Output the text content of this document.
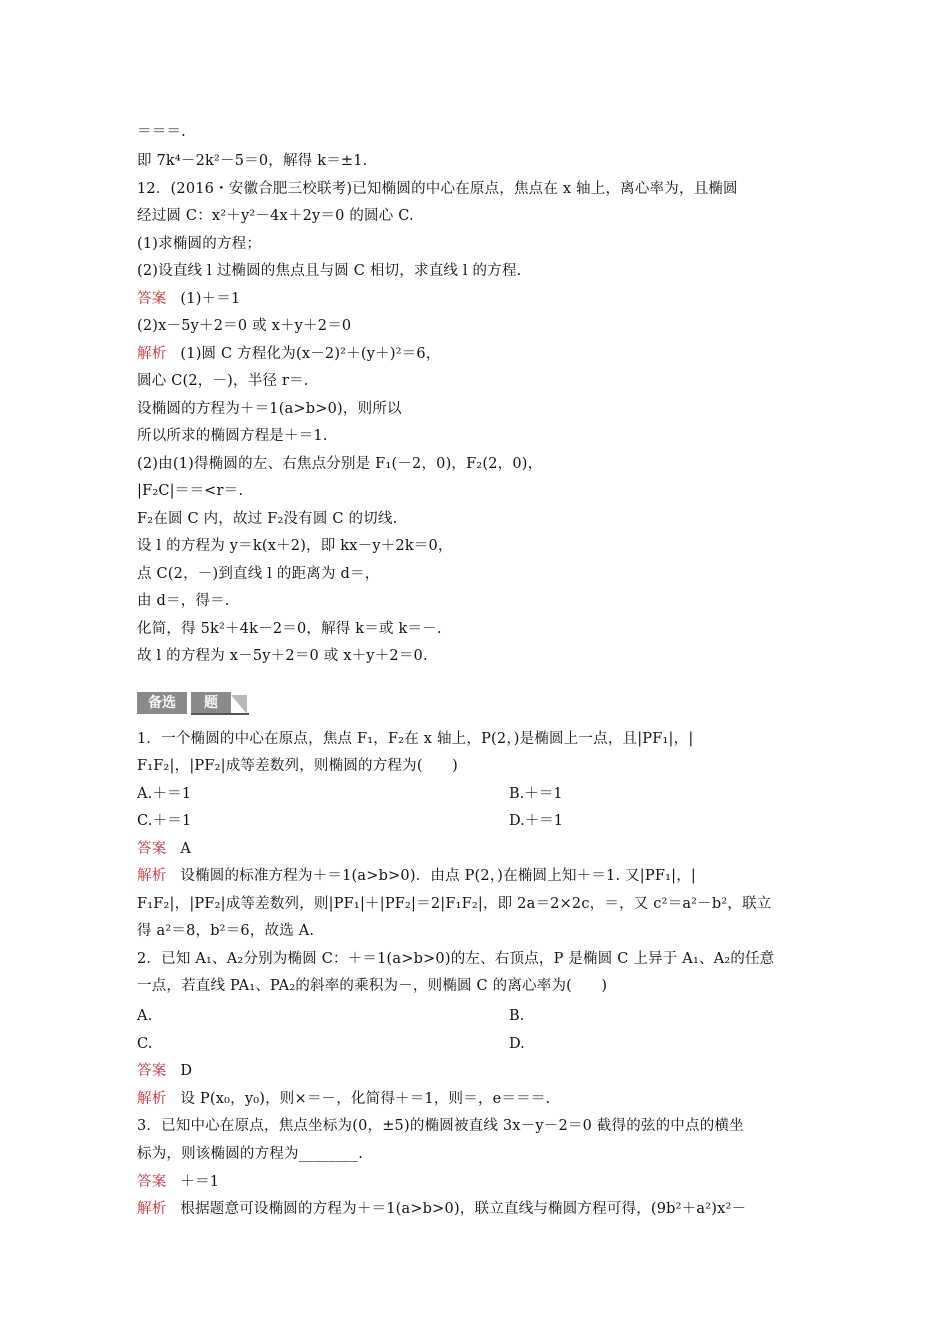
＝＝＝.
即 7k⁴－2k²－5＝0，解得 k＝±1.
12．(2016・安徽合肥三校联考)已知椭圆的中心在原点，焦点在 x 轴上，离心率为，且椭圆
经过圆 C：x²＋y²－4x＋2y＝0 的圆心 C.
(1)求椭圆的方程；
(2)设直线 l 过椭圆的焦点且与圆 C 相切，求直线 l 的方程.
答案 (1)＋＝1
(2)x－5y＋2＝0 或 x＋y＋2＝0
解析 (1)圆 C 方程化为(x－2)²＋(y＋)²＝6，
圆心 C(2，－)，半径 r＝.
设椭圆的方程为＋＝1(a>b>0)，则所以
所以所求的椭圆方程是＋＝1.
(2)由(1)得椭圆的左、右焦点分别是 F₁(－2，0)，F₂(2，0)，
|F₂C|＝＝<r＝.
F₂在圆 C 内，故过 F₂没有圆 C 的切线.
设 l 的方程为 y＝k(x＋2)，即 kx－y＋2k＝0，
点 C(2，－)到直线 l 的距离为 d＝，
由 d＝，得＝.
化简，得 5k²＋4k－2＝0，解得 k＝或 k＝－.
故 l 的方程为 x－5y＋2＝0 或 x＋y＋2＝0.
备选	题
1．一个椭圆的中心在原点，焦点 F₁，F₂在 x 轴上，P(2，)是椭圆上一点，且|PF₁|，|
F₁F₂|，|PF₂|成等差数列，则椭圆的方程为(　　)
A.＋＝1	B.＋＝1
C.＋＝1	D.＋＝1
答案 A
解析 设椭圆的标准方程为＋＝1(a>b>0)．由点 P(2，)在椭圆上知＋＝1. 又|PF₁|，|
F₁F₂|，|PF₂|成等差数列，则|PF₁|＋|PF₂|＝2|F₁F₂|，即 2a＝2×2c，＝，又 c²＝a²－b²，联立
得 a²＝8，b²＝6，故选 A.
2．已知 A₁、A₂分别为椭圆 C：＋＝1(a>b>0)的左、右顶点，P 是椭圆 C 上异于 A₁、A₂的任意
一点，若直线 PA₁、PA₂的斜率的乘积为－，则椭圆 C 的离心率为(　　)
A.	B.
C.	D.
答案 D
解析 设 P(x₀，y₀)，则×＝－，化简得＋＝1，则＝，e＝＝＝.
3．已知中心在原点，焦点坐标为(0，±5)的椭圆被直线 3x－y－2＝0 截得的弦的中点的横坐
标为，则该椭圆的方程为________.
答案 ＋＝1
解析 根据题意可设椭圆的方程为＋＝1(a>b>0)，联立直线与椭圆方程可得，(9b²＋a²)x²－
